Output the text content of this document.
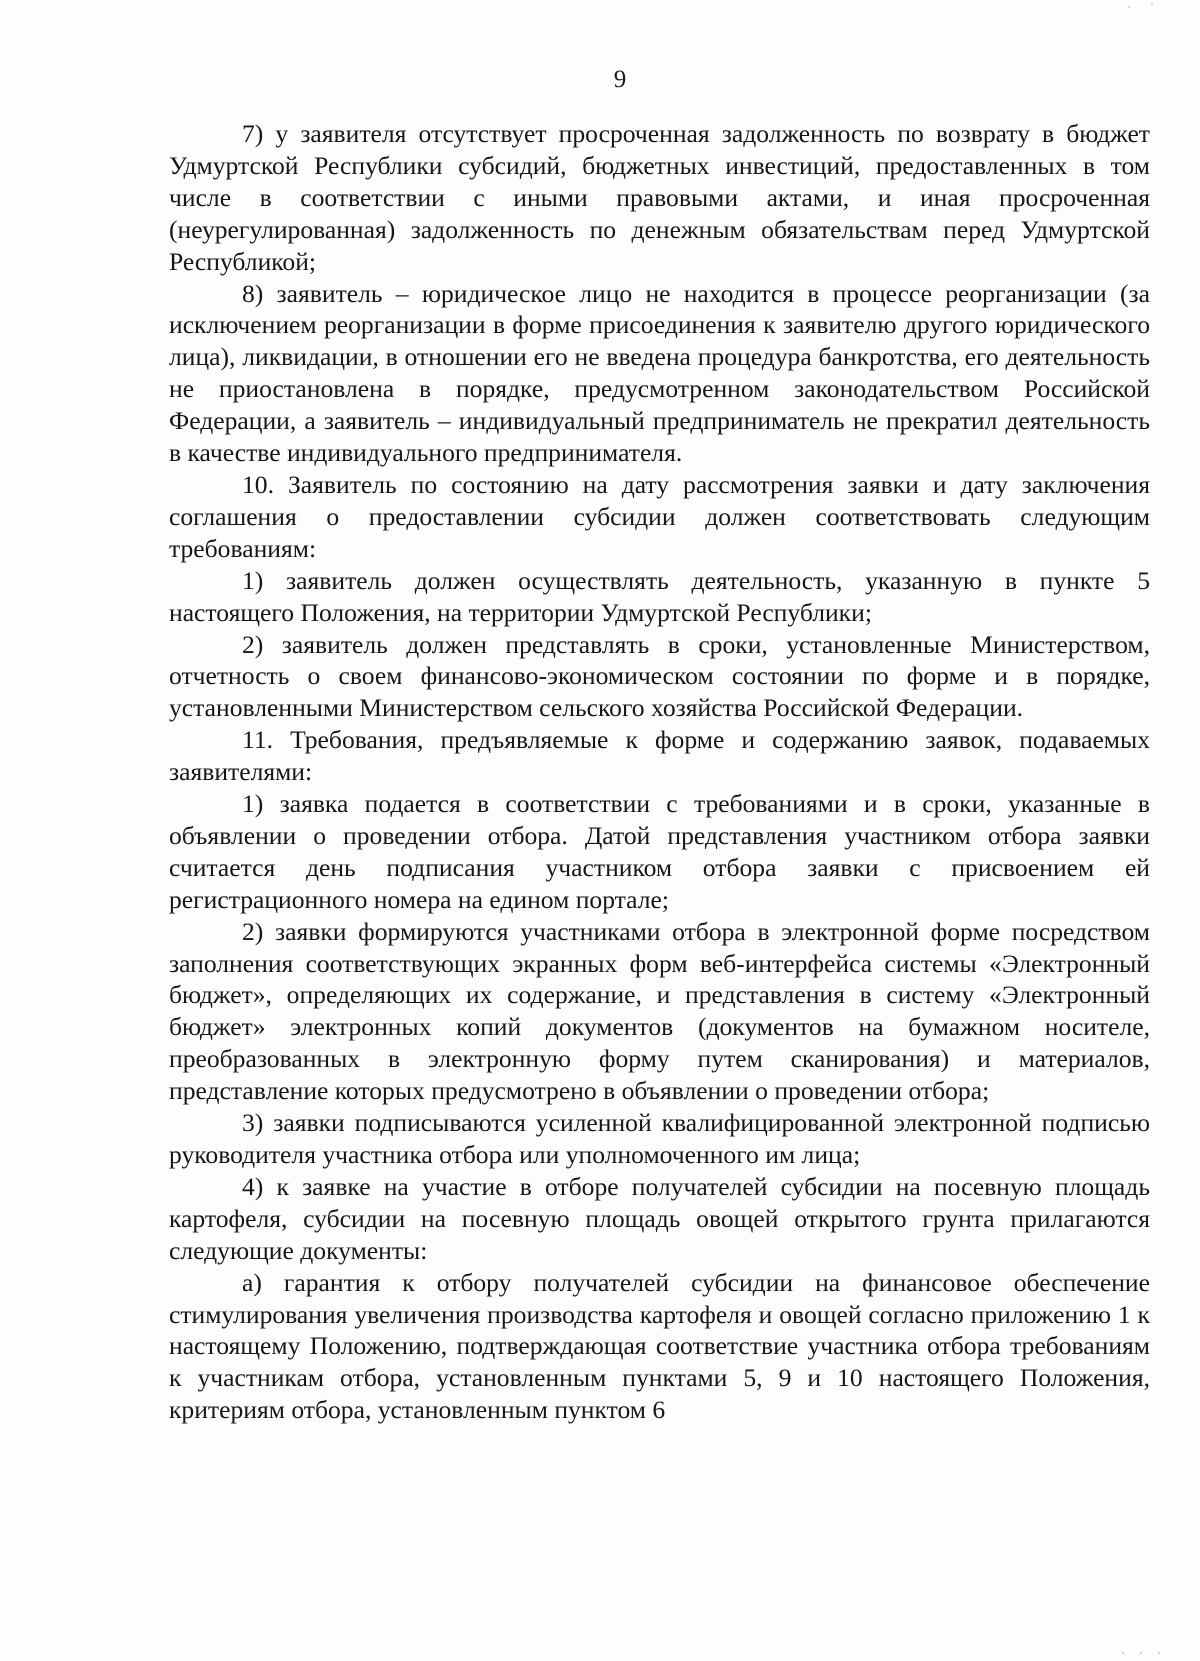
9

7) у заявителя отсутствует просроченная задолженность по возврату в бюджет Удмуртской Республики субсидий, бюджетных инвестиций, предоставленных в том числе в соответствии с иными правовыми актами, и иная просроченная (неурегулированная) задолженность по денежным обязательствам перед Удмуртской Республикой;

8) заявитель – юридическое лицо не находится в процессе реорганизации (за исключением реорганизации в форме присоединения к заявителю другого юридического лица), ликвидации, в отношении его не введена процедура банкротства, его деятельность не приостановлена в порядке, предусмотренном законодательством Российской Федерации, а заявитель – индивидуальный предприниматель не прекратил деятельность в качестве индивидуального предпринимателя.

10. Заявитель по состоянию на дату рассмотрения заявки и дату заключения соглашения о предоставлении субсидии должен соответствовать следующим требованиям:

1) заявитель должен осуществлять деятельность, указанную в пункте 5 настоящего Положения, на территории Удмуртской Республики;

2) заявитель должен представлять в сроки, установленные Министерством, отчетность о своем финансово-экономическом состоянии по форме и в порядке, установленными Министерством сельского хозяйства Российской Федерации.

11. Требования, предъявляемые к форме и содержанию заявок, подаваемых заявителями:

1) заявка подается в соответствии с требованиями и в сроки, указанные в объявлении о проведении отбора. Датой представления участником отбора заявки считается день подписания участником отбора заявки с присвоением ей регистрационного номера на едином портале;

2) заявки формируются участниками отбора в электронной форме посредством заполнения соответствующих экранных форм веб-интерфейса системы «Электронный бюджет», определяющих их содержание, и представления в систему «Электронный бюджет» электронных копий документов (документов на бумажном носителе, преобразованных в электронную форму путем сканирования) и материалов, представление которых предусмотрено в объявлении о проведении отбора;

3) заявки подписываются усиленной квалифицированной электронной подписью руководителя участника отбора или уполномоченного им лица;

4) к заявке на участие в отборе получателей субсидии на посевную площадь картофеля, субсидии на посевную площадь овощей открытого грунта прилагаются следующие документы:

а) гарантия к отбору получателей субсидии на финансовое обеспечение стимулирования увеличения производства картофеля и овощей согласно приложению 1 к настоящему Положению, подтверждающая соответствие участника отбора требованиям к участникам отбора, установленным пунктами 5, 9 и 10 настоящего Положения, критериям отбора, установленным пунктом 6
